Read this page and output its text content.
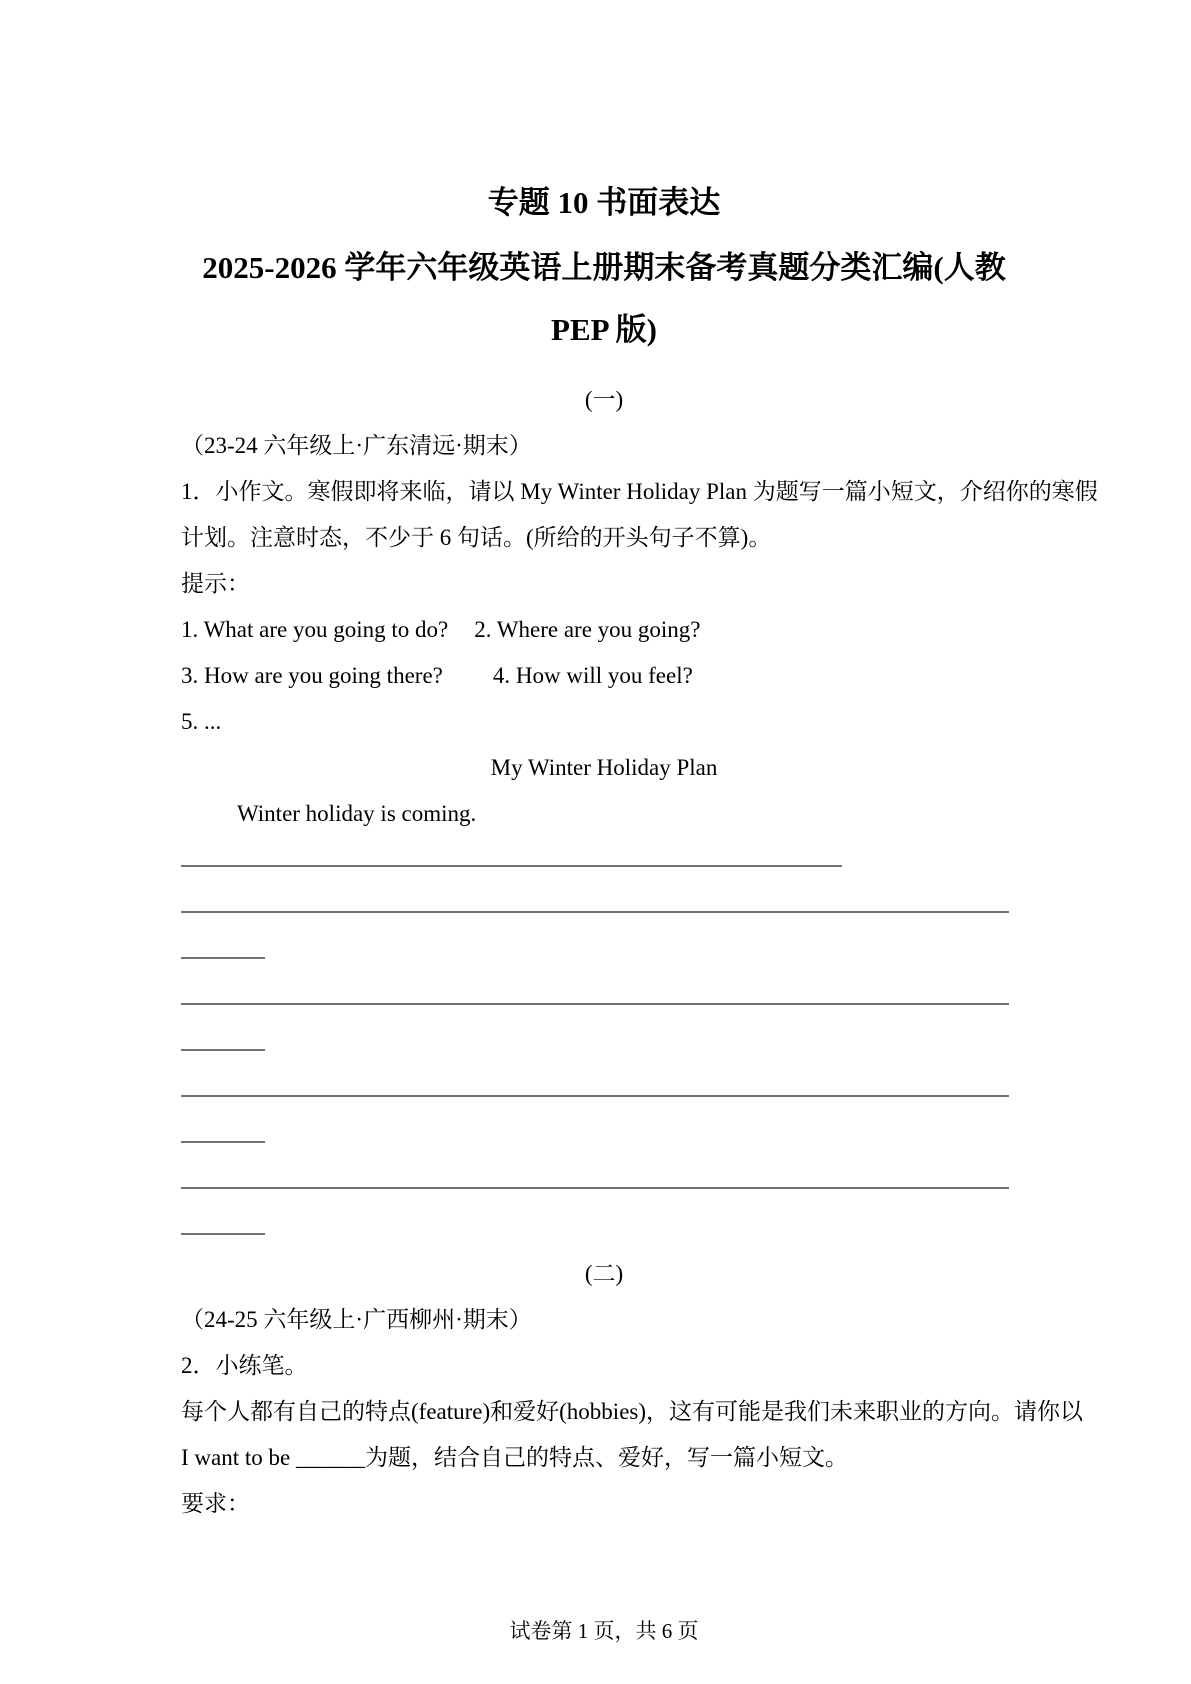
专题 10 书面表达
2025-2026 学年六年级英语上册期末备考真题分类汇编(人教
PEP 版)
(一)
（23-24 六年级上·广东清远·期末）
1．小作文。寒假即将来临，请以 My Winter Holiday Plan 为题写一篇小短文，介绍你的寒假
计划。注意时态，不少于 6 句话。(所给的开头句子不算)。
提示：
1. What are you going to do? 2. Where are you going?
3. How are you going there? 4. How will you feel?
5. ...
My Winter Holiday Plan
Winter holiday is coming.
(二)
（24-25 六年级上·广西柳州·期末）
2．小练笔。
每个人都有自己的特点(feature)和爱好(hobbies)，这有可能是我们未来职业的方向。请你以
I want to be ______为题，结合自己的特点、爱好，写一篇小短文。
要求：
试卷第 1 页，共 6 页
